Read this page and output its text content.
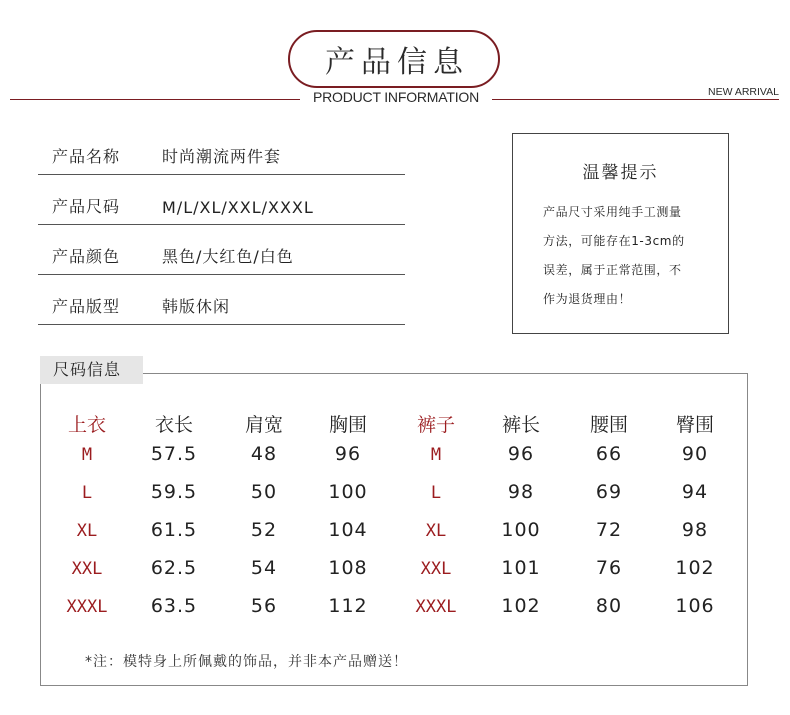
产品信息
PRODUCT INFORMATION	NEW ARRIVAL
产品名称	时尚潮流两件套
产品尺码	M/L/XL/XXL/XXXL
产品颜色	黑色/大红色/白色
产品版型	韩版休闲
温馨提示
产品尺寸采用纯手工测量
方法，可能存在1-3cm的
误差，属于正常范围，不
作为退货理由！
尺码信息
上衣	衣长	肩宽	胸围	裤子	裤长	腰围	臀围
M	57.5	48	96	M	96	66	90
L	59.5	50	100	L	98	69	94
XL	61.5	52	104	XL	100	72	98
XXL	62.5	54	108	XXL	101	76	102
XXXL	63.5	56	112	XXXL	102	80	106
*注：模特身上所佩戴的饰品，并非本产品赠送！
